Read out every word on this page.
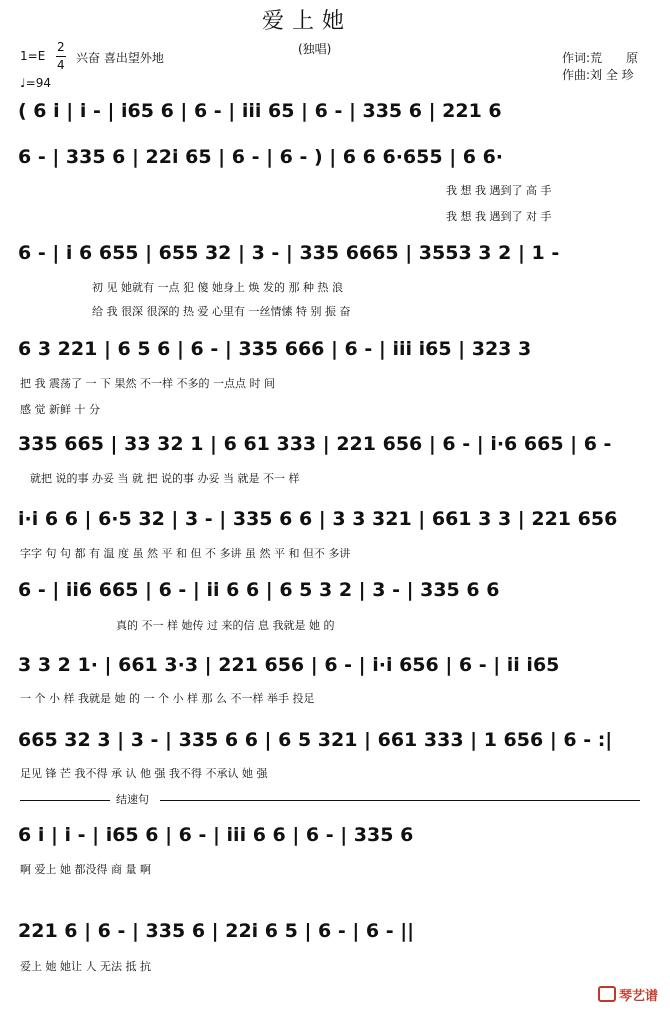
爱上她
(独唱)
1=E
2
4 兴奋 喜出望外地
♩=94
作词:荒　　原
作曲:刘 全 珍
( 6 i | i - | i65 6 | 6 - | iii 65 | 6 - | 335 6 | 221 6
6 - | 335 6 | 22i 65 | 6 - | 6 - ) | 6 6 6·655 | 6 6·
我 想 我 遇到了 高 手
我 想 我 遇到了 对 手
6 - | i 6 655 | 655 32 | 3 - | 335 6665 | 3553 3 2 | 1 -
初 见 她就有 一点 犯 傻 她身上 焕 发的 那 种 热 浪
给 我 很深 很深的 热 爱 心里有 一丝情愫 特 别 振 奋
6 3 221 | 6 5 6 | 6 - | 335 666 | 6 - | iii i65 | 323 3
把 我 震荡了 一 下 果然 不一样 不多的 一点点 时 间
感 觉 新鲜 十 分
335 665 | 33 32 1 | 6 61 333 | 221 656 | 6 - | i·6 665 | 6 -
就把 说的事 办妥 当 就 把 说的事 办妥 当 就是 不一 样
i·i 6 6 | 6·5 32 | 3 - | 335 6 6 | 3 3 321 | 661 3 3 | 221 656
字字 句 句 都 有 温 度 虽 然 平 和 但 不 多讲 虽 然 平 和 但不 多讲
6 - | ii6 665 | 6 - | ii 6 6 | 6 5 3 2 | 3 - | 335 6 6
真的 不一 样 她传 过 来的信 息 我就是 她 的
3 3 2 1· | 661 3·3 | 221 656 | 6 - | i·i 656 | 6 - | ii i65
一 个 小 样 我就是 她 的 一 个 小 样 那 么 不一样 举手 投足
665 32 3 | 3 - | 335 6 6 | 6 5 321 | 661 333 | 1 656 | 6 - :|
足见 锋 芒 我不得 承 认 他 强 我不得 不承认 她 强
结速句
6 i | i - | i65 6 | 6 - | iii 6 6 | 6 - | 335 6
啊 爱上 她 都没得 商 量 啊
221 6 | 6 - | 335 6 | 22i 6 5 | 6 - | 6 - ||
爱上 她 她让 人 无法 抵 抗
琴艺谱
